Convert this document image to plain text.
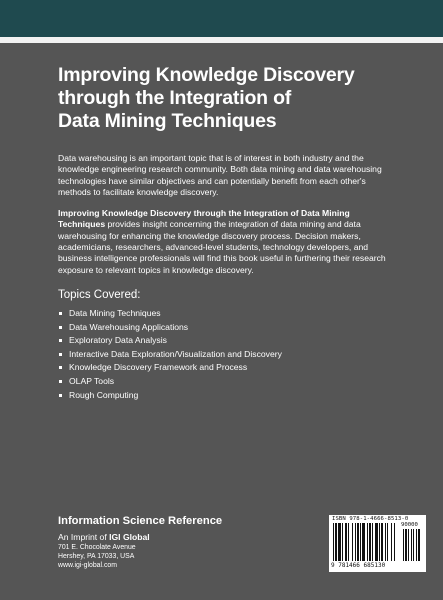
Improving Knowledge Discovery
through the Integration of
Data Mining Techniques

Data warehousing is an important topic that is of interest in both industry and the knowledge engineering research community. Both data mining and data warehousing technologies have similar objectives and can potentially benefit from each other's methods to facilitate knowledge discovery.

Improving Knowledge Discovery through the Integration of Data Mining Techniques provides insight concerning the integration of data mining and data warehousing for enhancing the knowledge discovery process. Decision makers, academicians, researchers, advanced-level students, technology developers, and business intelligence professionals will find this book useful in furthering their research exposure to relevant topics in knowledge discovery.

Topics Covered:

Data Mining Techniques
Data Warehousing Applications
Exploratory Data Analysis
Interactive Data Exploration/Visualization and Discovery
Knowledge Discovery Framework and Process
OLAP Tools
Rough Computing
Information Science Reference
An Imprint of IGI Global
701 E. Chocolate Avenue
Hershey, PA 17033, USA
www.igi-global.com
ISBN 978-1-4666-8513-0
90000
9 781466 685130
